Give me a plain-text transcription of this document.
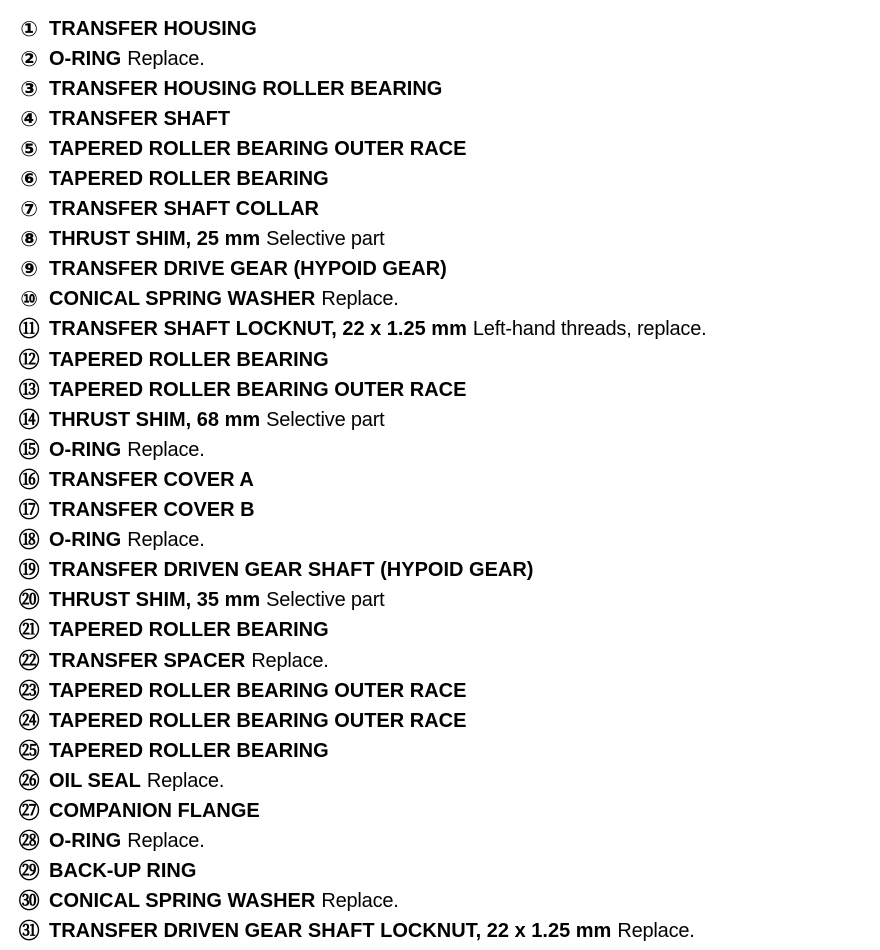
① TRANSFER HOUSING
② O-RING Replace.
③ TRANSFER HOUSING ROLLER BEARING
④ TRANSFER SHAFT
⑤ TAPERED ROLLER BEARING OUTER RACE
⑥ TAPERED ROLLER BEARING
⑦ TRANSFER SHAFT COLLAR
⑧ THRUST SHIM, 25 mm Selective part
⑨ TRANSFER DRIVE GEAR (HYPOID GEAR)
⑩ CONICAL SPRING WASHER Replace.
⑪ TRANSFER SHAFT LOCKNUT, 22 x 1.25 mm Left-hand threads, replace.
⑫ TAPERED ROLLER BEARING
⑬ TAPERED ROLLER BEARING OUTER RACE
⑭ THRUST SHIM, 68 mm Selective part
⑮ O-RING Replace.
⑯ TRANSFER COVER A
⑰ TRANSFER COVER B
⑱ O-RING Replace.
⑲ TRANSFER DRIVEN GEAR SHAFT (HYPOID GEAR)
⑳ THRUST SHIM, 35 mm Selective part
㉑ TAPERED ROLLER BEARING
㉒ TRANSFER SPACER Replace.
㉓ TAPERED ROLLER BEARING OUTER RACE
㉔ TAPERED ROLLER BEARING OUTER RACE
㉕ TAPERED ROLLER BEARING
㉖ OIL SEAL Replace.
㉗ COMPANION FLANGE
㉘ O-RING Replace.
㉙ BACK-UP RING
㉚ CONICAL SPRING WASHER Replace.
㉛ TRANSFER DRIVEN GEAR SHAFT LOCKNUT, 22 x 1.25 mm Replace.
